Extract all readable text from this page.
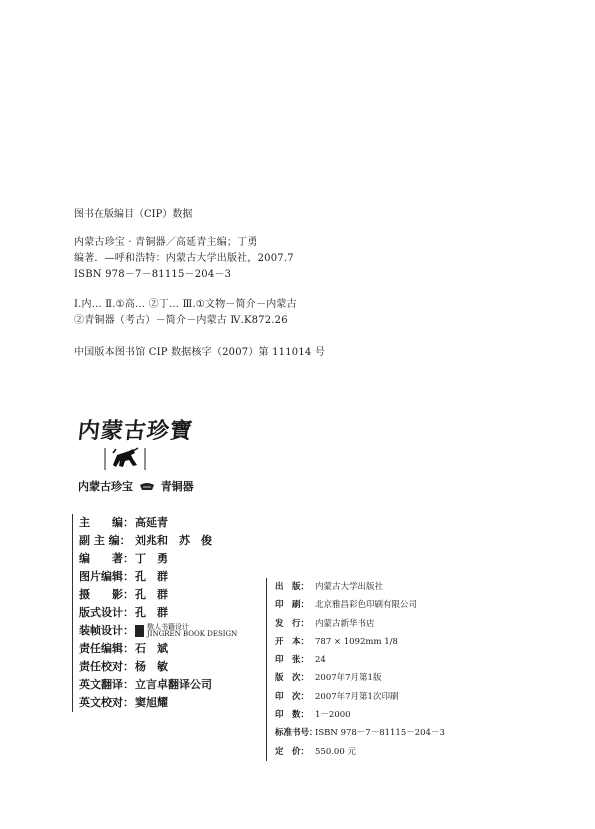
图书在版编目（CIP）数据
内蒙古珍宝 · 青铜器／高延青主编；丁勇
编著．—呼和浩特：内蒙古大学出版社，2007.7
ISBN 978－7－81115－204－3
Ⅰ.内… Ⅱ.①高… ②丁… Ⅲ.①文物－简介－内蒙古
②青铜器（考古）－简介－内蒙古 Ⅳ.K872.26
中国版本图书馆 CIP 数据核字（2007）第 111014 号
内蒙古珍寶
内蒙古珍宝	青铜器
主　　编： 高延青
副 主 编： 刘兆和　苏　俊
编　　著： 丁　勇
图片编辑： 孔　群
摄　　影： 孔　群
版式设计： 孔　群
装帧设计： 敬人书籍设计
JINGREN BOOK DESIGN
责任编辑： 石　斌
责任校对： 杨　敏
英文翻译： 立言卓翻译公司
英文校对： 窦旭耀
出　版： 内蒙古大学出版社
印　刷： 北京雅昌彩色印刷有限公司
发　行： 内蒙古新华书店
开　本： 787 × 1092mm 1/8
印　张： 24
版　次： 2007年7月第1版
印　次： 2007年7月第1次印刷
印　数： 1－2000
标准书号：
ISBN 978－7－81115－204－3
定　价： 550.00 元
